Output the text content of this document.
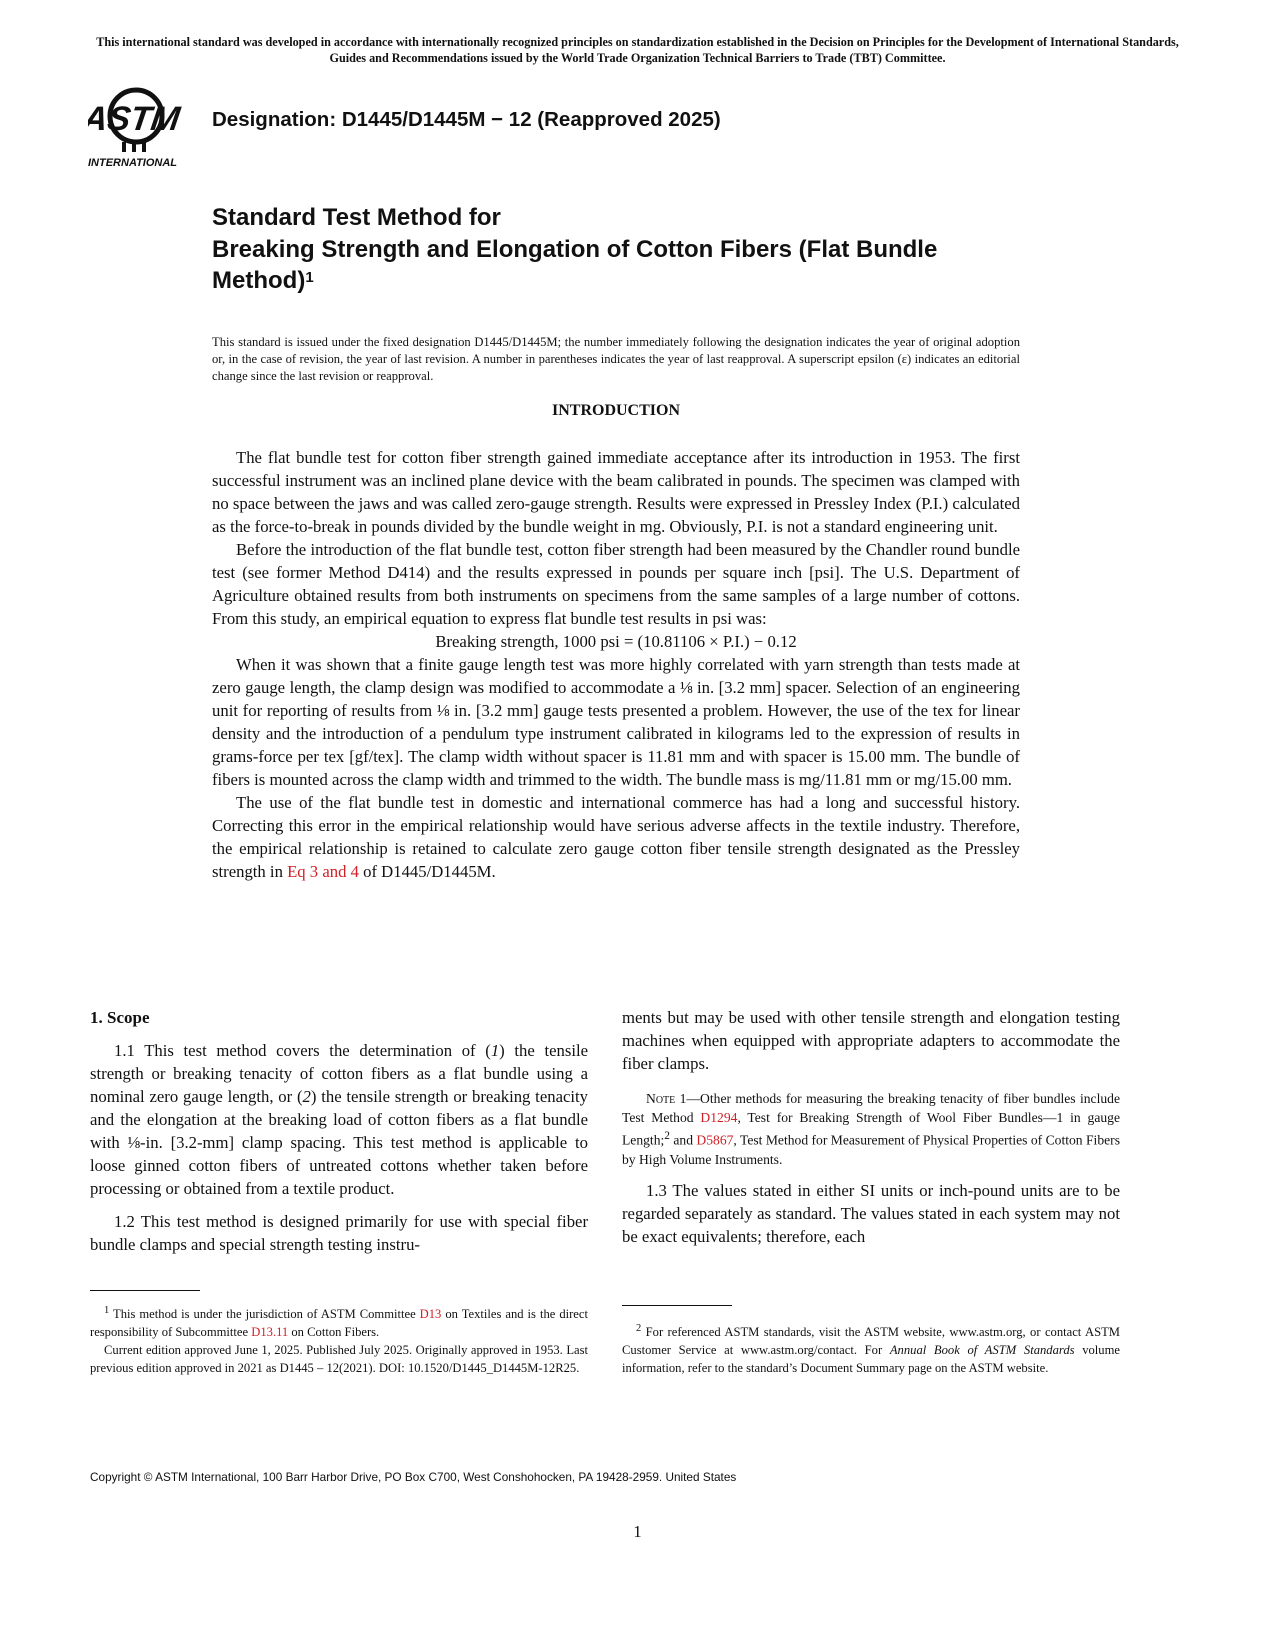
This international standard was developed in accordance with internationally recognized principles on standardization established in the Decision on Principles for the Development of International Standards, Guides and Recommendations issued by the World Trade Organization Technical Barriers to Trade (TBT) Committee.
ASTM
INTERNATIONAL
Designation: D1445/D1445M − 12 (Reapproved 2025)
Standard Test Method for
Breaking Strength and Elongation of Cotton Fibers (Flat Bundle Method)$^1$
This standard is issued under the fixed designation D1445/D1445M; the number immediately following the designation indicates the year of original adoption or, in the case of revision, the year of last revision. A number in parentheses indicates the year of last reapproval. A superscript epsilon (ε) indicates an editorial change since the last revision or reapproval.
INTRODUCTION

The flat bundle test for cotton fiber strength gained immediate acceptance after its introduction in 1953. The first successful instrument was an inclined plane device with the beam calibrated in pounds. The specimen was clamped with no space between the jaws and was called zero-gauge strength. Results were expressed in Pressley Index (P.I.) calculated as the force-to-break in pounds divided by the bundle weight in mg. Obviously, P.I. is not a standard engineering unit.

Before the introduction of the flat bundle test, cotton fiber strength had been measured by the Chandler round bundle test (see former Method D414) and the results expressed in pounds per square inch [psi]. The U.S. Department of Agriculture obtained results from both instruments on specimens from the same samples of a large number of cottons. From this study, an empirical equation to express flat bundle test results in psi was:

Breaking strength, 1000 psi = (10.81106 × P.I.) − 0.12

When it was shown that a finite gauge length test was more highly correlated with yarn strength than tests made at zero gauge length, the clamp design was modified to accommodate a ⅛ in. [3.2 mm] spacer. Selection of an engineering unit for reporting of results from ⅛ in. [3.2 mm] gauge tests presented a problem. However, the use of the tex for linear density and the introduction of a pendulum type instrument calibrated in kilograms led to the expression of results in grams-force per tex [gf/tex]. The clamp width without spacer is 11.81 mm and with spacer is 15.00 mm. The bundle of fibers is mounted across the clamp width and trimmed to the width. The bundle mass is mg/11.81 mm or mg/15.00 mm.

The use of the flat bundle test in domestic and international commerce has had a long and successful history. Correcting this error in the empirical relationship would have serious adverse affects in the textile industry. Therefore, the empirical relationship is retained to calculate zero gauge cotton fiber tensile strength designated as the Pressley strength in Eq 3 and 4 of D1445/D1445M.

1. Scope

1.1 This test method covers the determination of (1) the tensile strength or breaking tenacity of cotton fibers as a flat bundle using a nominal zero gauge length, or (2) the tensile strength or breaking tenacity and the elongation at the breaking load of cotton fibers as a flat bundle with ⅛-in. [3.2-mm] clamp spacing. This test method is applicable to loose ginned cotton fibers of untreated cottons whether taken before processing or obtained from a textile product.

1.2 This test method is designed primarily for use with special fiber bundle clamps and special strength testing instru-

ments but may be used with other tensile strength and elongation testing machines when equipped with appropriate adapters to accommodate the fiber clamps.

Note 1—Other methods for measuring the breaking tenacity of fiber bundles include Test Method D1294, Test for Breaking Strength of Wool Fiber Bundles—1 in gauge Length;$^2$ and D5867, Test Method for Measurement of Physical Properties of Cotton Fibers by High Volume Instruments.

1.3 The values stated in either SI units or inch-pound units are to be regarded separately as standard. The values stated in each system may not be exact equivalents; therefore, each

$^1$ This method is under the jurisdiction of ASTM Committee D13 on Textiles and is the direct responsibility of Subcommittee D13.11 on Cotton Fibers.

Current edition approved June 1, 2025. Published July 2025. Originally approved in 1953. Last previous edition approved in 2021 as D1445 – 12(2021). DOI: 10.1520/D1445_D1445M-12R25.

$^2$ For referenced ASTM standards, visit the ASTM website, www.astm.org, or contact ASTM Customer Service at www.astm.org/contact. For Annual Book of ASTM Standards volume information, refer to the standard’s Document Summary page on the ASTM website.

Copyright © ASTM International, 100 Barr Harbor Drive, PO Box C700, West Conshohocken, PA 19428-2959. United States
1
